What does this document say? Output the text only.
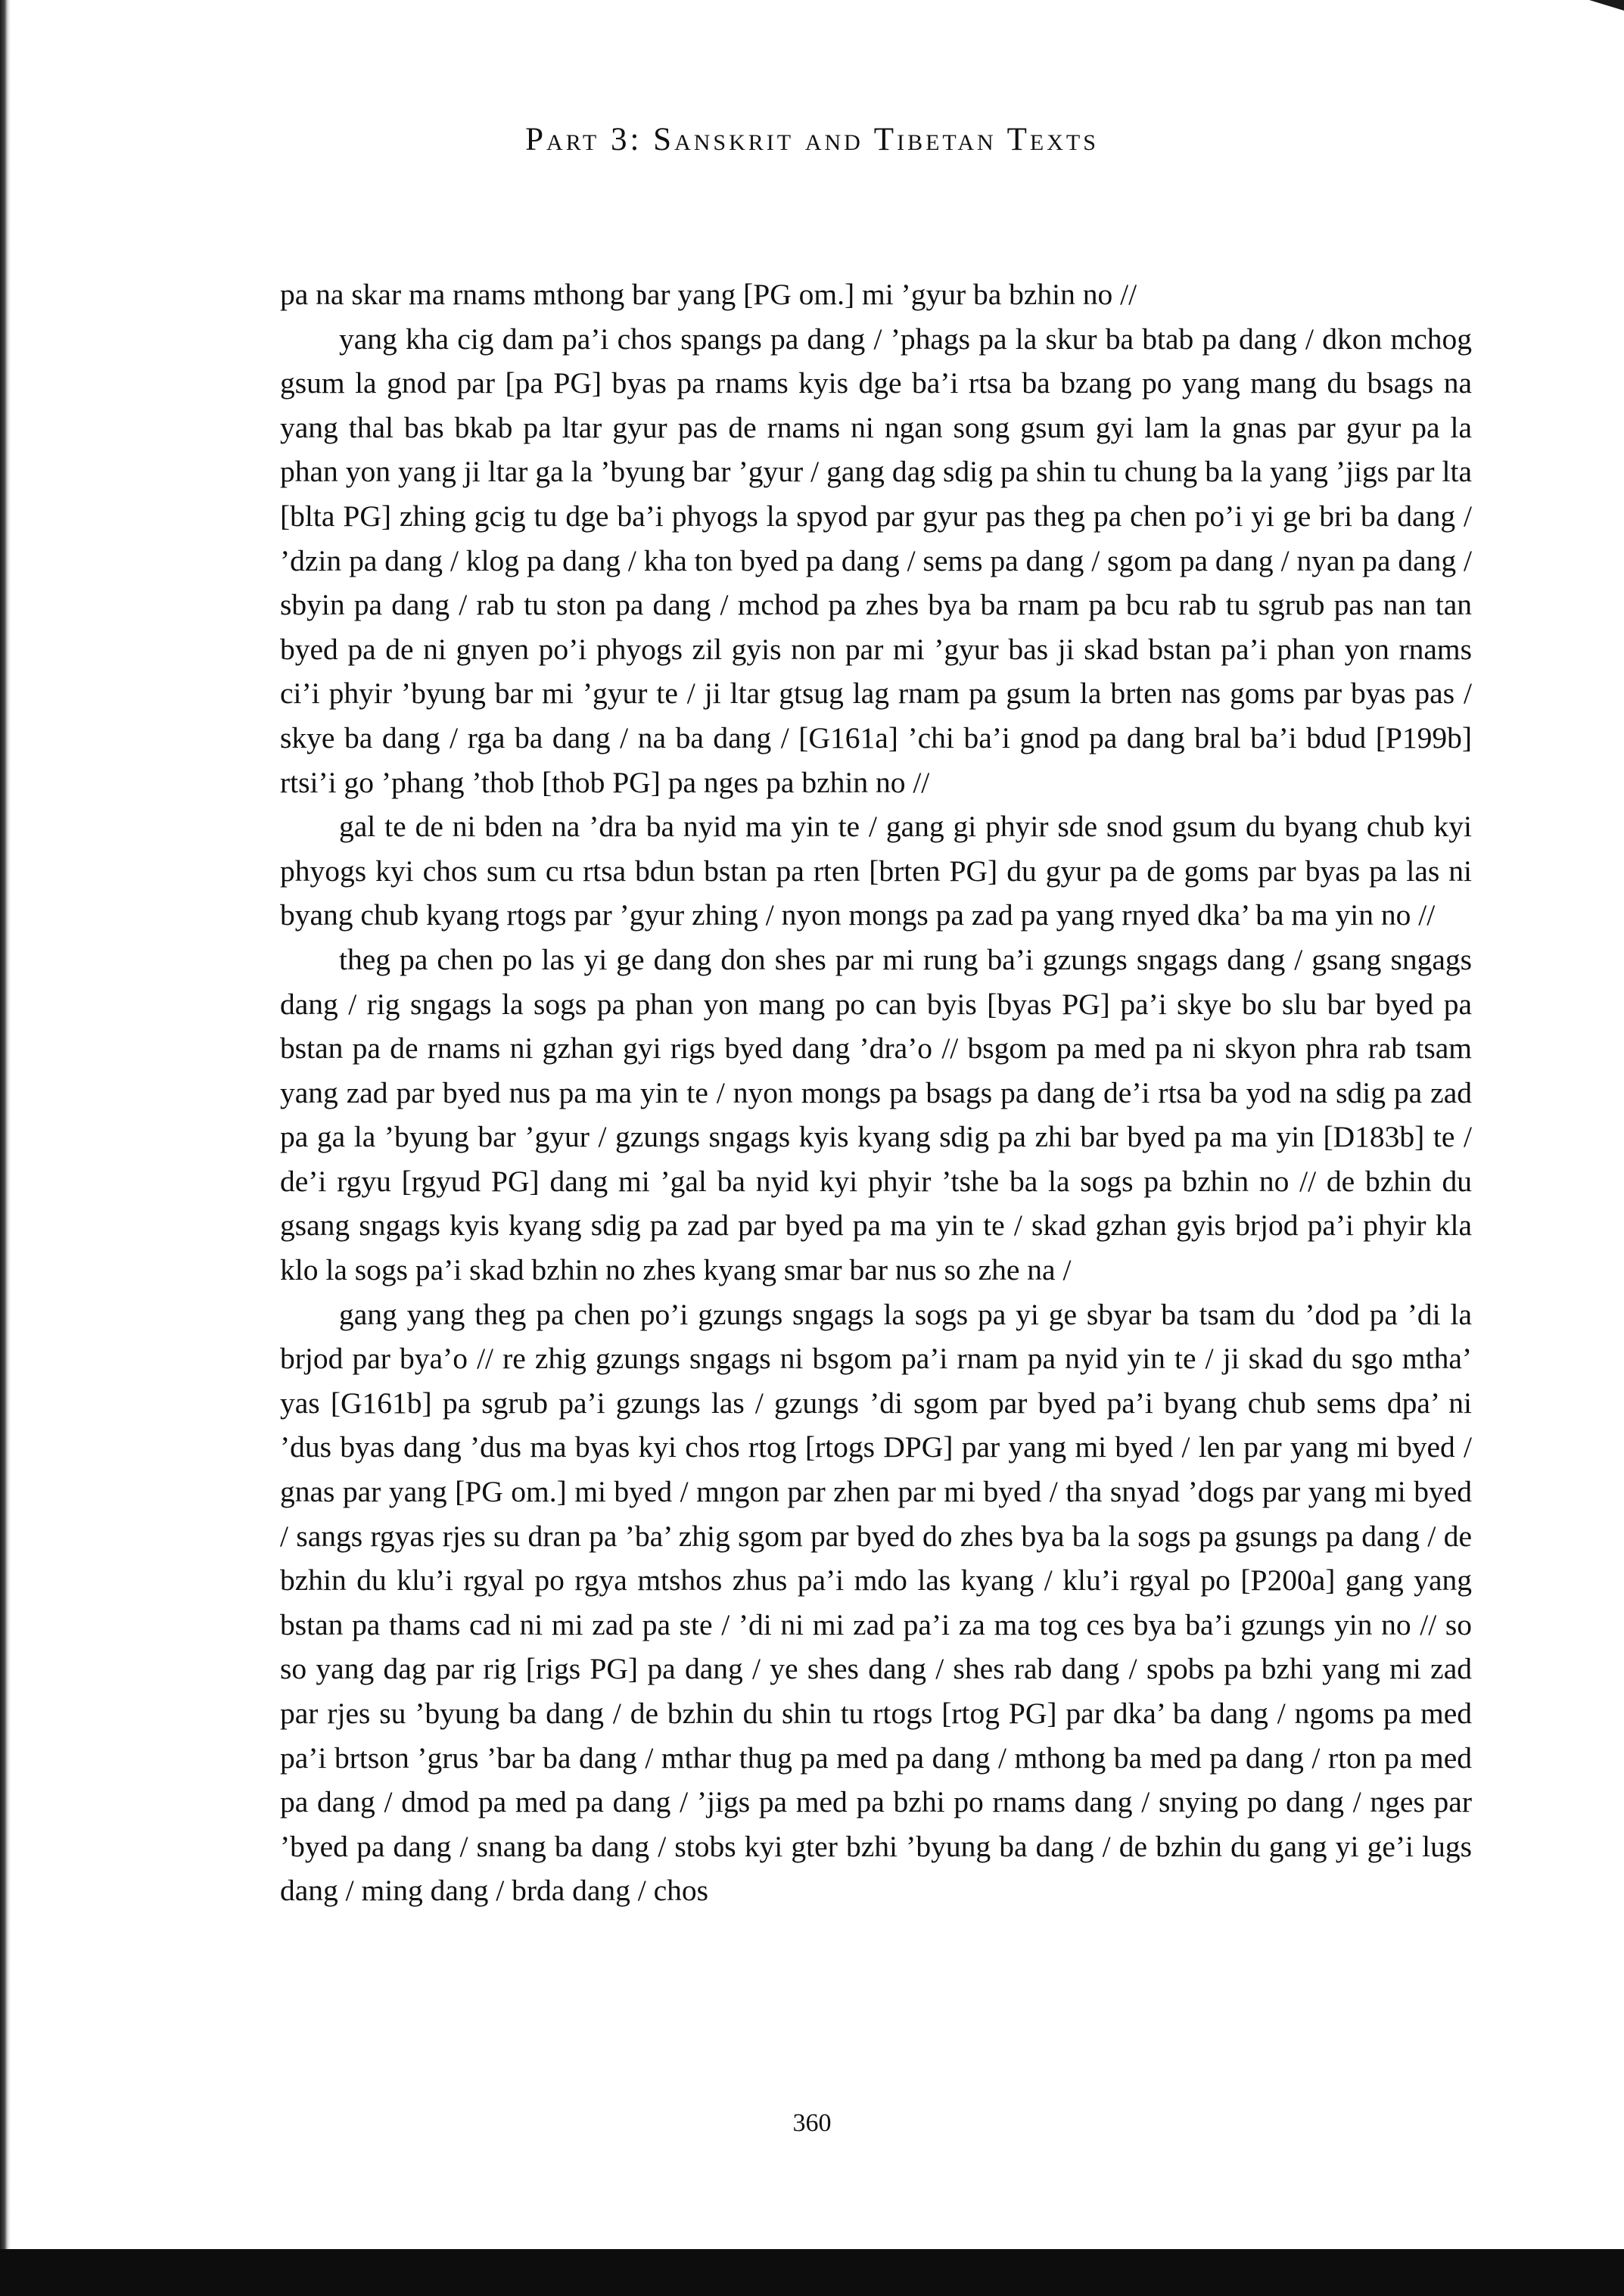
Part 3: Sanskrit and Tibetan Texts

pa na skar ma rnams mthong bar yang [PG om.] mi ’gyur ba bzhin no //

yang kha cig dam pa’i chos spangs pa dang / ’phags pa la skur ba btab pa dang / dkon mchog gsum la gnod par [pa PG] byas pa rnams kyis dge ba’i rtsa ba bzang po yang mang du bsags na yang thal bas bkab pa ltar gyur pas de rnams ni ngan song gsum gyi lam la gnas par gyur pa la phan yon yang ji ltar ga la ’byung bar ’gyur / gang dag sdig pa shin tu chung ba la yang ’jigs par lta [blta PG] zhing gcig tu dge ba’i phyogs la spyod par gyur pas theg pa chen po’i yi ge bri ba dang / ’dzin pa dang / klog pa dang / kha ton byed pa dang / sems pa dang / sgom pa dang / nyan pa dang / sbyin pa dang / rab tu ston pa dang / mchod pa zhes bya ba rnam pa bcu rab tu sgrub pas nan tan byed pa de ni gnyen po’i phyogs zil gyis non par mi ’gyur bas ji skad bstan pa’i phan yon rnams ci’i phyir ’byung bar mi ’gyur te / ji ltar gtsug lag rnam pa gsum la brten nas goms par byas pas / skye ba dang / rga ba dang / na ba dang / [G161a] ’chi ba’i gnod pa dang bral ba’i bdud [P199b] rtsi’i go ’phang ’thob [thob PG] pa nges pa bzhin no //

gal te de ni bden na ’dra ba nyid ma yin te / gang gi phyir sde snod gsum du byang chub kyi phyogs kyi chos sum cu rtsa bdun bstan pa rten [brten PG] du gyur pa de goms par byas pa las ni byang chub kyang rtogs par ’gyur zhing / nyon mongs pa zad pa yang rnyed dka’ ba ma yin no //

theg pa chen po las yi ge dang don shes par mi rung ba’i gzungs sngags dang / gsang sngags dang / rig sngags la sogs pa phan yon mang po can byis [byas PG] pa’i skye bo slu bar byed pa bstan pa de rnams ni gzhan gyi rigs byed dang ’dra’o // bsgom pa med pa ni skyon phra rab tsam yang zad par byed nus pa ma yin te / nyon mongs pa bsags pa dang de’i rtsa ba yod na sdig pa zad pa ga la ’byung bar ’gyur / gzungs sngags kyis kyang sdig pa zhi bar byed pa ma yin [D183b] te / de’i rgyu [rgyud PG] dang mi ’gal ba nyid kyi phyir ’tshe ba la sogs pa bzhin no // de bzhin du gsang sngags kyis kyang sdig pa zad par byed pa ma yin te / skad gzhan gyis brjod pa’i phyir kla klo la sogs pa’i skad bzhin no zhes kyang smar bar nus so zhe na /

gang yang theg pa chen po’i gzungs sngags la sogs pa yi ge sbyar ba tsam du ’dod pa ’di la brjod par bya’o // re zhig gzungs sngags ni bsgom pa’i rnam pa nyid yin te / ji skad du sgo mtha’ yas [G161b] pa sgrub pa’i gzungs las / gzungs ’di sgom par byed pa’i byang chub sems dpa’ ni ’dus byas dang ’dus ma byas kyi chos rtog [rtogs DPG] par yang mi byed / len par yang mi byed / gnas par yang [PG om.] mi byed / mngon par zhen par mi byed / tha snyad ’dogs par yang mi byed / sangs rgyas rjes su dran pa ’ba’ zhig sgom par byed do zhes bya ba la sogs pa gsungs pa dang / de bzhin du klu’i rgyal po rgya mtshos zhus pa’i mdo las kyang / klu’i rgyal po [P200a] gang yang bstan pa thams cad ni mi zad pa ste / ’di ni mi zad pa’i za ma tog ces bya ba’i gzungs yin no // so so yang dag par rig [rigs PG] pa dang / ye shes dang / shes rab dang / spobs pa bzhi yang mi zad par rjes su ’byung ba dang / de bzhin du shin tu rtogs [rtog PG] par dka’ ba dang / ngoms pa med pa’i brtson ’grus ’bar ba dang / mthar thug pa med pa dang / mthong ba med pa dang / rton pa med pa dang / dmod pa med pa dang / ’jigs pa med pa bzhi po rnams dang / snying po dang / nges par ’byed pa dang / snang ba dang / stobs kyi gter bzhi ’byung ba dang / de bzhin du gang yi ge’i lugs dang / ming dang / brda dang / chos

360
